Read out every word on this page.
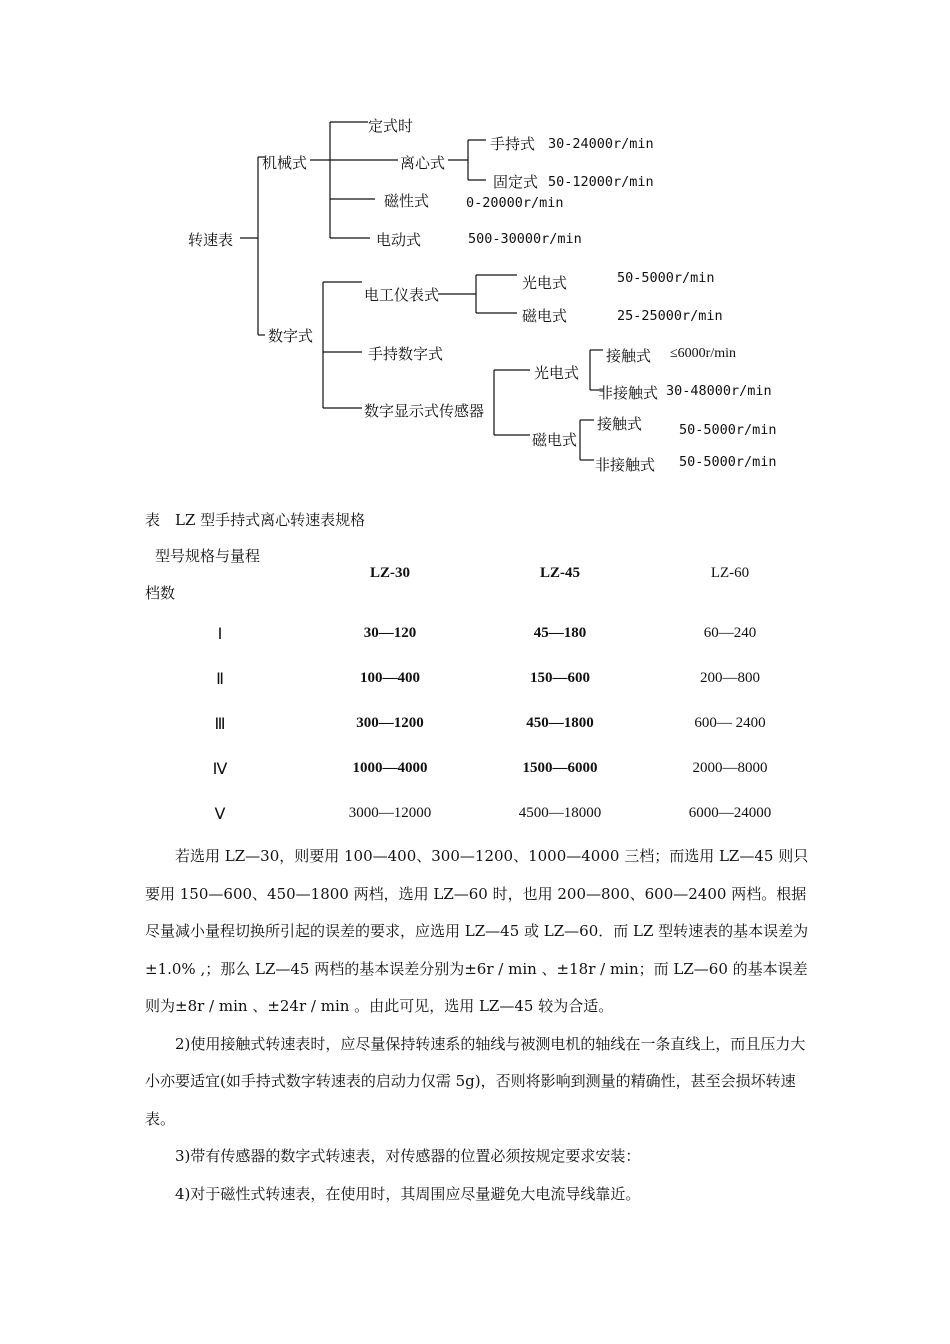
转速表
机械式
定式时
离心式
手持式 30-24000r/min
固定式 50-12000r/min
磁性式	0-20000r/min
电动式	500-30000r/min
数字式
电工仪表式
光电式	50-5000r/min
磁电式	25-25000r/min
手持数字式
数字显示式传感器
光电式
接触式 ≤6000r/min
非接触式 30-48000r/min
磁电式
接触式	50-5000r/min
非接触式 50-5000r/min
表　LZ 型手持式离心转速表规格
型号规格与量程
档数
LZ-30	LZ-45	LZ-60
Ⅰ	30—120	45—180	60—240
Ⅱ	100—400	150—600	200—800
Ⅲ	300—1200	450—1800	600— 2400
Ⅳ	1000—4000	1500—6000	2000—8000
Ⅴ	3000—12000	4500—18000	6000—24000

若选用 LZ—30，则要用 100—400、300—1200、1000—4000 三档；而选用 LZ—45 则只要用 150—600、450—1800 两档，选用 LZ—60 时，也用 200—800、600—2400 两档。根据尽量减小量程切换所引起的误差的要求，应选用 LZ—45 或 LZ—60．而 LZ 型转速表的基本误差为±1.0% ,；那么 LZ—45 两档的基本误差分别为±6r / min 、±18r / min；而 LZ—60 的基本误差则为±8r / min 、±24r / min 。由此可见，选用 LZ—45 较为合适。

2)使用接触式转速表时，应尽量保持转速系的轴线与被测电机的轴线在一条直线上，而且压力大小亦要适宜(如手持式数字转速表的启动力仅需 5g)，否则将影响到测量的精确性，甚至会损坏转速表。

3)带有传感器的数字式转速表，对传感器的位置必须按规定要求安装：

4)对于磁性式转速表，在使用时，其周围应尽量避免大电流导线靠近。
